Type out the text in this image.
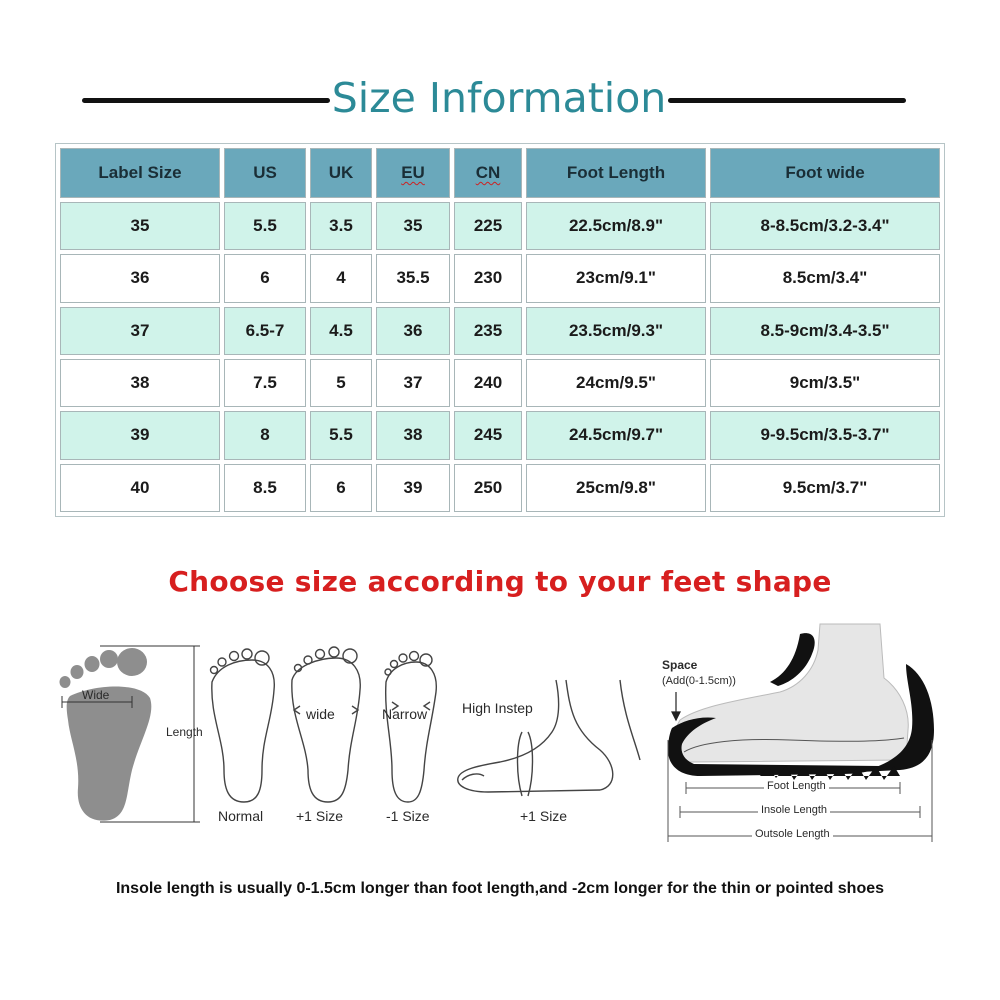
Size Information
Label Size	US	UK	EU	CN	Foot Length	Foot wide
35	5.5	3.5	35	225	22.5cm/8.9"	8-8.5cm/3.2-3.4"
36	6	4	35.5	230	23cm/9.1"	8.5cm/3.4"
37	6.5-7	4.5	36	235	23.5cm/9.3"	8.5-9cm/3.4-3.5"
38	7.5	5	37	240	24cm/9.5"	9cm/3.5"
39	8	5.5	38	245	24.5cm/9.7"	9-9.5cm/3.5-3.7"
40	8.5	6	39	250	25cm/9.8"	9.5cm/3.7"
Choose size according to your feet shape
Wide
Length
Normal
wide
+1 Size
Narrow
-1 Size
High Instep
+1 Size
Space
(Add(0-1.5cm))
Foot Length
Insole Length
Outsole Length
Insole length is usually 0-1.5cm longer than foot length,and -2cm longer for the thin or pointed shoes
